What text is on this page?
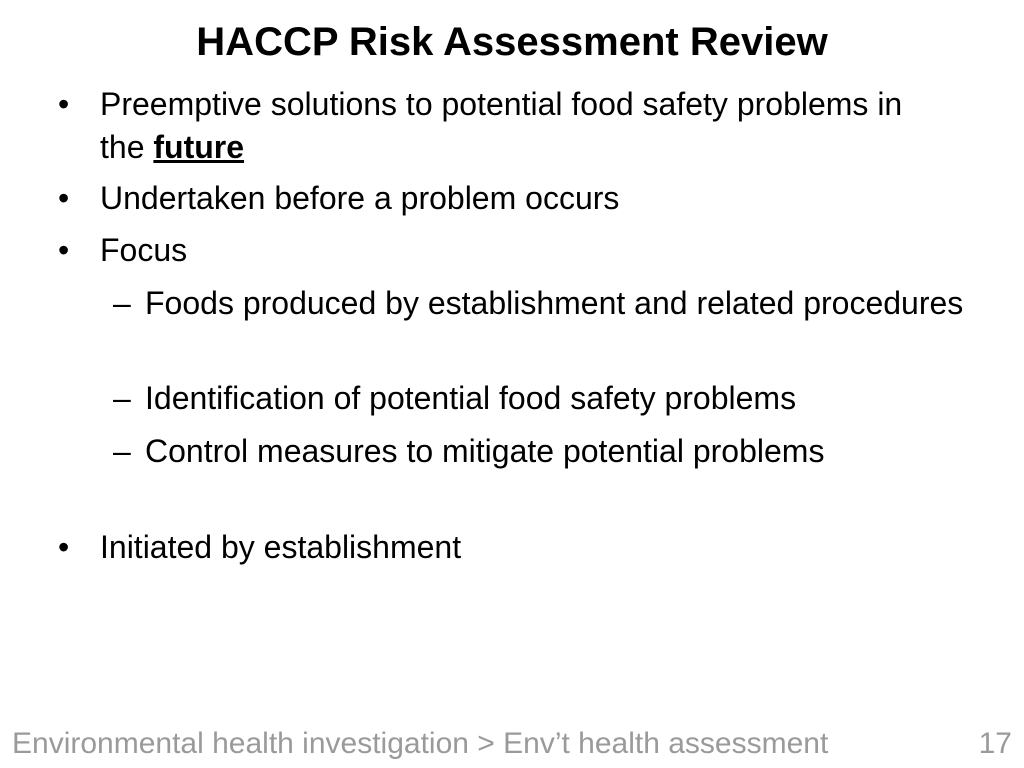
HACCP Risk Assessment Review
• Preemptive solutions to potential food safety problems in the future
• Undertaken before a problem occurs
• Focus
– Foods produced by establishment and related procedures
– Identification of potential food safety problems
– Control measures to mitigate potential problems
• Initiated by establishment
Environmental health investigation > Env’t health assessment	17
